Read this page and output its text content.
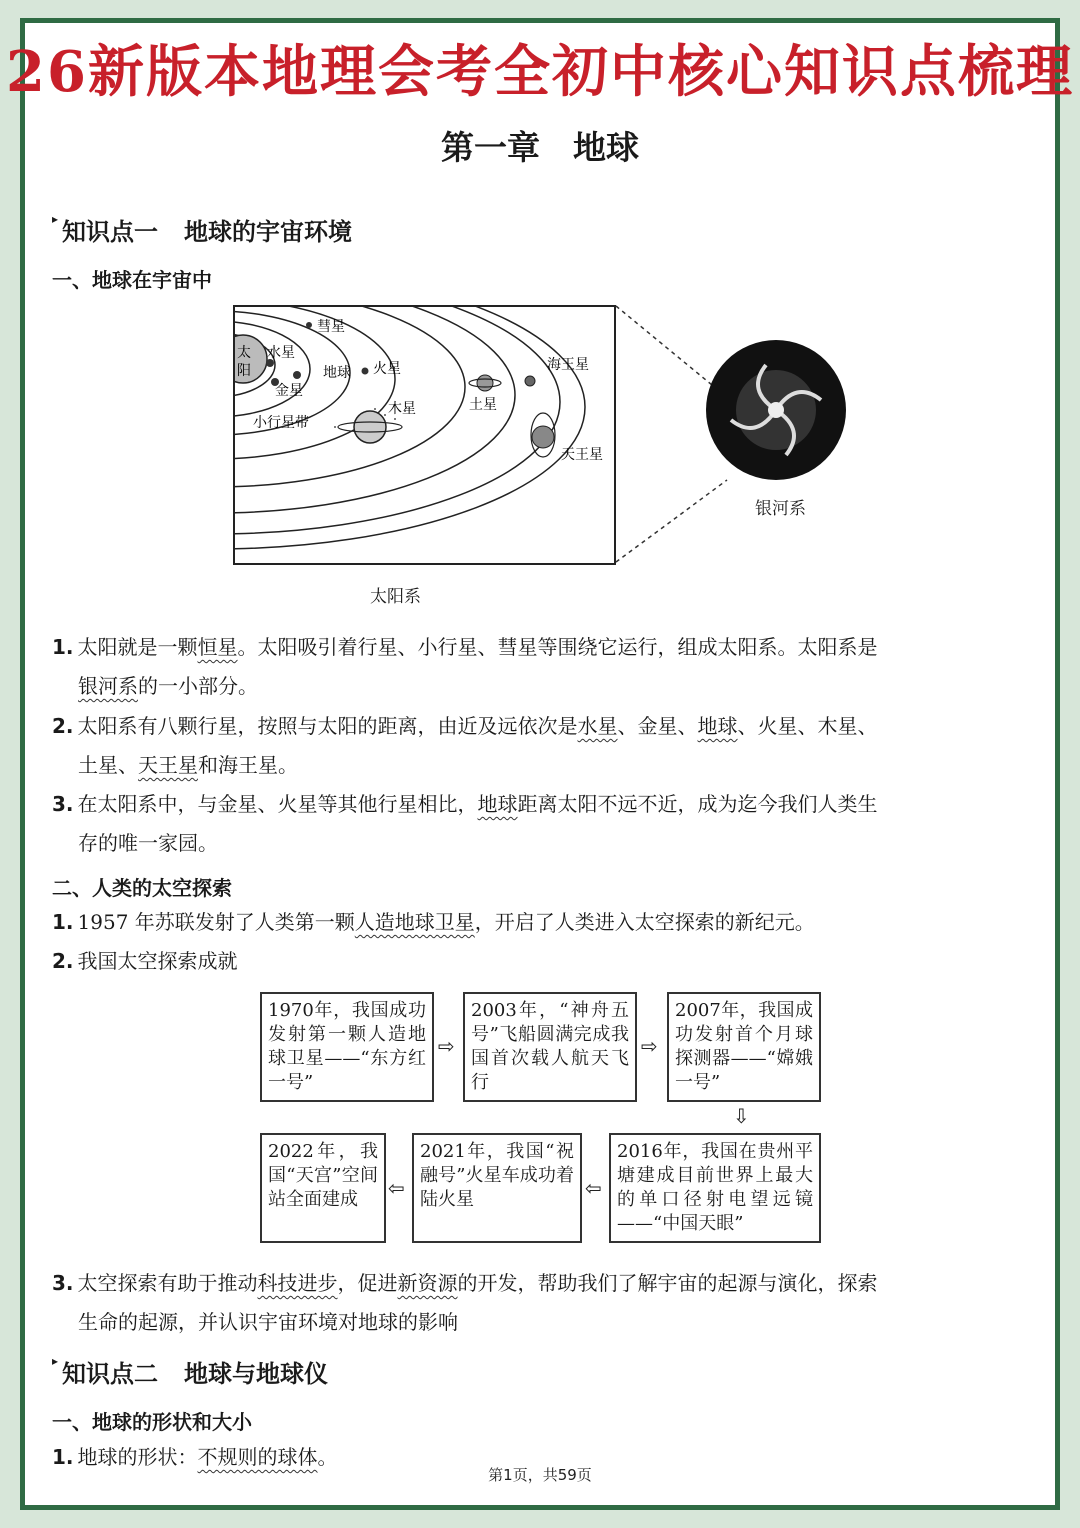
26新版本地理会考全初中核心知识点梳理
第一章　地球
▸ 知识点一 地球的宇宙环境
一、地球在宇宙中
太
阳
水星
金星
地球 火星
彗星
小行星带
木星	土星
天王星
海王星
银河系
太阳系
1. 太阳就是一颗恒星。太阳吸引着行星、小行星、彗星等围绕它运行，组成太阳系。太阳系是
银河系的一小部分。
2. 太阳系有八颗行星，按照与太阳的距离，由近及远依次是水星、金星、地球、火星、木星、
土星、天王星和海王星。
3. 在太阳系中，与金星、火星等其他行星相比，地球距离太阳不远不近，成为迄今我们人类生
存的唯一家园。
二、人类的太空探索
1. 1957 年苏联发射了人类第一颗人造地球卫星，开启了人类进入太空探索的新纪元。
2. 我国太空探索成就
1970年，我国成功发射第一颗人造地球卫星——“东方红一号”
⇨
2003年，“神舟五号”飞船圆满完成我国首次载人航天飞行
⇨
2007年，我国成功发射首个月球探测器——“嫦娥一号”
⇩
2016年，我国在贵州平塘建成目前世界上最大的单口径射电望远镜——“中国天眼”
⇦
2021年，我国“祝融号”火星车成功着陆火星
⇦
2022年，我国“天宫”空间站全面建成
3. 太空探索有助于推动科技进步，促进新资源的开发，帮助我们了解宇宙的起源与演化，探索
生命的起源，并认识宇宙环境对地球的影响
▸ 知识点二 地球与地球仪
一、地球的形状和大小
1. 地球的形状：不规则的球体。
第1页，共59页
